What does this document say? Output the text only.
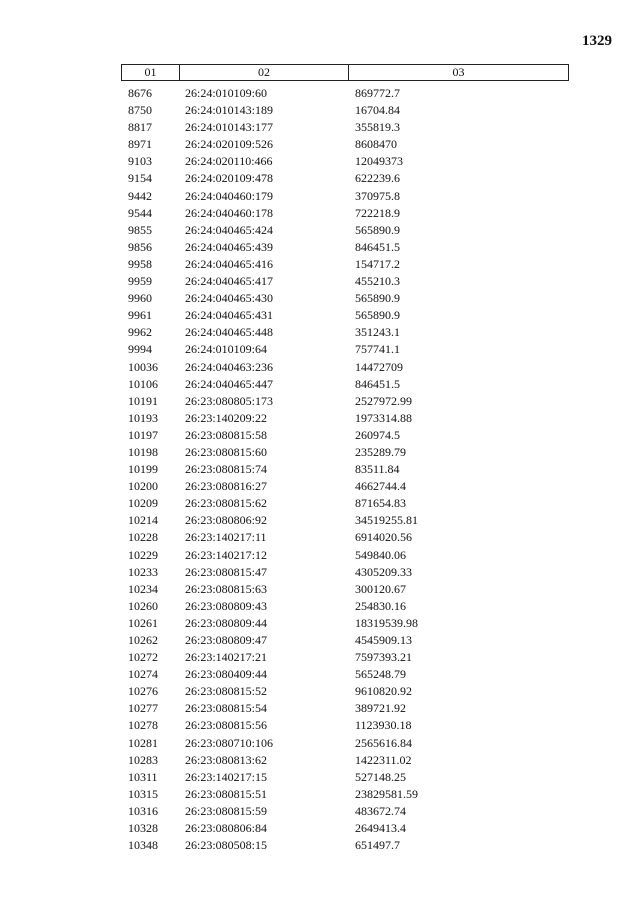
1329
01	02	03
8676	26:24:010109:60	869772.7
8750	26:24:010143:189	16704.84
8817	26:24:010143:177	355819.3
8971	26:24:020109:526	8608470
9103	26:24:020110:466	12049373
9154	26:24:020109:478	622239.6
9442	26:24:040460:179	370975.8
9544	26:24:040460:178	722218.9
9855	26:24:040465:424	565890.9
9856	26:24:040465:439	846451.5
9958	26:24:040465:416	154717.2
9959	26:24:040465:417	455210.3
9960	26:24:040465:430	565890.9
9961	26:24:040465:431	565890.9
9962	26:24:040465:448	351243.1
9994	26:24:010109:64	757741.1
10036	26:24:040463:236	14472709
10106	26:24:040465:447	846451.5
10191	26:23:080805:173	2527972.99
10193	26:23:140209:22	1973314.88
10197	26:23:080815:58	260974.5
10198	26:23:080815:60	235289.79
10199	26:23:080815:74	83511.84
10200	26:23:080816:27	4662744.4
10209	26:23:080815:62	871654.83
10214	26:23:080806:92	34519255.81
10228	26:23:140217:11	6914020.56
10229	26:23:140217:12	549840.06
10233	26:23:080815:47	4305209.33
10234	26:23:080815:63	300120.67
10260	26:23:080809:43	254830.16
10261	26:23:080809:44	18319539.98
10262	26:23:080809:47	4545909.13
10272	26:23:140217:21	7597393.21
10274	26:23:080409:44	565248.79
10276	26:23:080815:52	9610820.92
10277	26:23:080815:54	389721.92
10278	26:23:080815:56	1123930.18
10281	26:23:080710:106	2565616.84
10283	26:23:080813:62	1422311.02
10311	26:23:140217:15	527148.25
10315	26:23:080815:51	23829581.59
10316	26:23:080815:59	483672.74
10328	26:23:080806:84	2649413.4
10348	26:23:080508:15	651497.7
